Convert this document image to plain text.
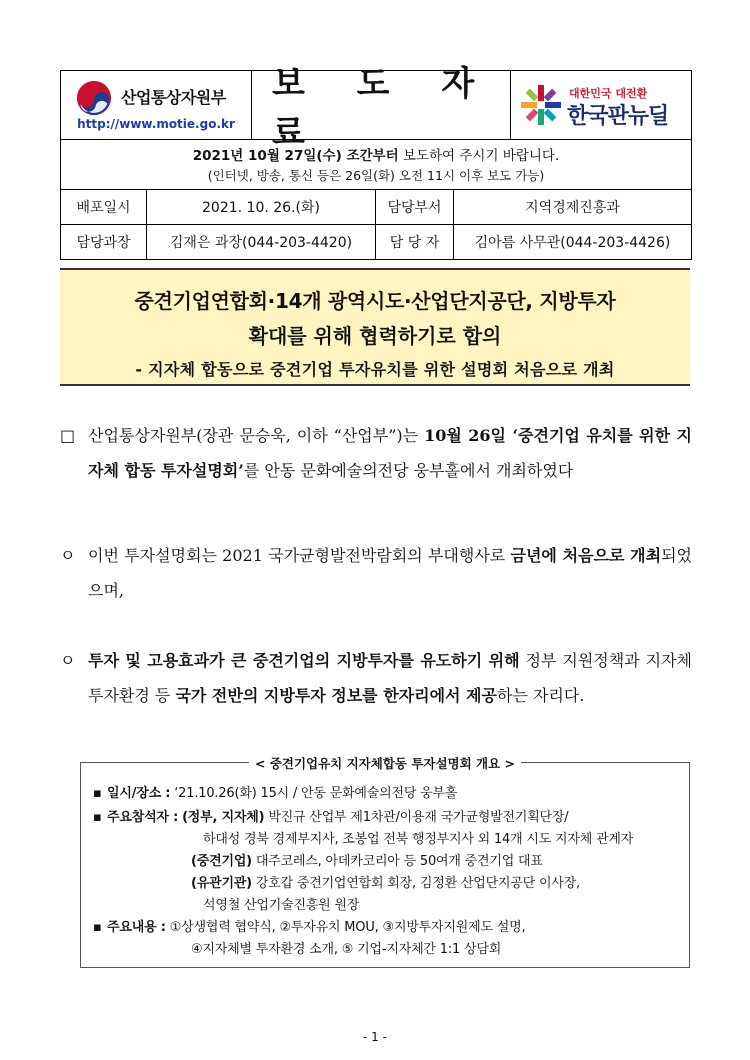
산업통상자원부
http://www.motie.go.kr
보 도 자 료
대한민국 대전환
한국판뉴딜
2021년 10월 27일(수) 조간부터 보도하여 주시기 바랍니다.
(인터넷, 방송, 통신 등은 26일(화) 오전 11시 이후 보도 가능)
배포일시	2021. 10. 26.(화)	담당부서	지역경제진흥과
담당과장	김재은 과장(044-203-4420)	담 당 자	김아름 사무관(044-203-4426)
중견기업연합회·14개 광역시도·산업단지공단, 지방투자
확대를 위해 협력하기로 합의
- 지자체 합동으로 중견기업 투자유치를 위한 설명회 처음으로 개최
□ 산업통상자원부(장관 문승욱, 이하 “산업부”)는 10월 26일 ‘중견기업 유치를 위한 지자체 합동 투자설명회’를 안동 문화예술의전당 웅부홀에서 개최하였다
ㅇ 이번 투자설명회는 2021 국가균형발전박람회의 부대행사로 금년에 처음으로 개최되었으며,
ㅇ 투자 및 고용효과가 큰 중견기업의 지방투자를 유도하기 위해 정부 지원정책과 지자체 투자환경 등 국가 전반의 지방투자 정보를 한자리에서 제공하는 자리다.
< 중견기업유치 지자체합동 투자설명회 개요 >
▪ 일시/장소 : ‘21.10.26(화) 15시 / 안동 문화예술의전당 웅부홀
▪ 주요참석자 : (정부, 지자체) 박진규 산업부 제1차관/이용재 국가균형발전기획단장/
하대성 경북 경제부지사, 조봉업 전북 행정부지사 외 14개 시도 지자체 관계자
(중견기업) 대주코레스, 아데카코리아 등 50여개 중견기업 대표
(유관기관) 강호갑 중견기업연합회 회장, 김정환 산업단지공단 이사장,
석영철 산업기술진흥원 원장
▪ 주요내용 : ①상생협력 협약식, ②투자유치 MOU, ③지방투자지원제도 설명,
④지자체별 투자환경 소개, ⑤ 기업-지자체간 1:1 상담회
- 1 -
